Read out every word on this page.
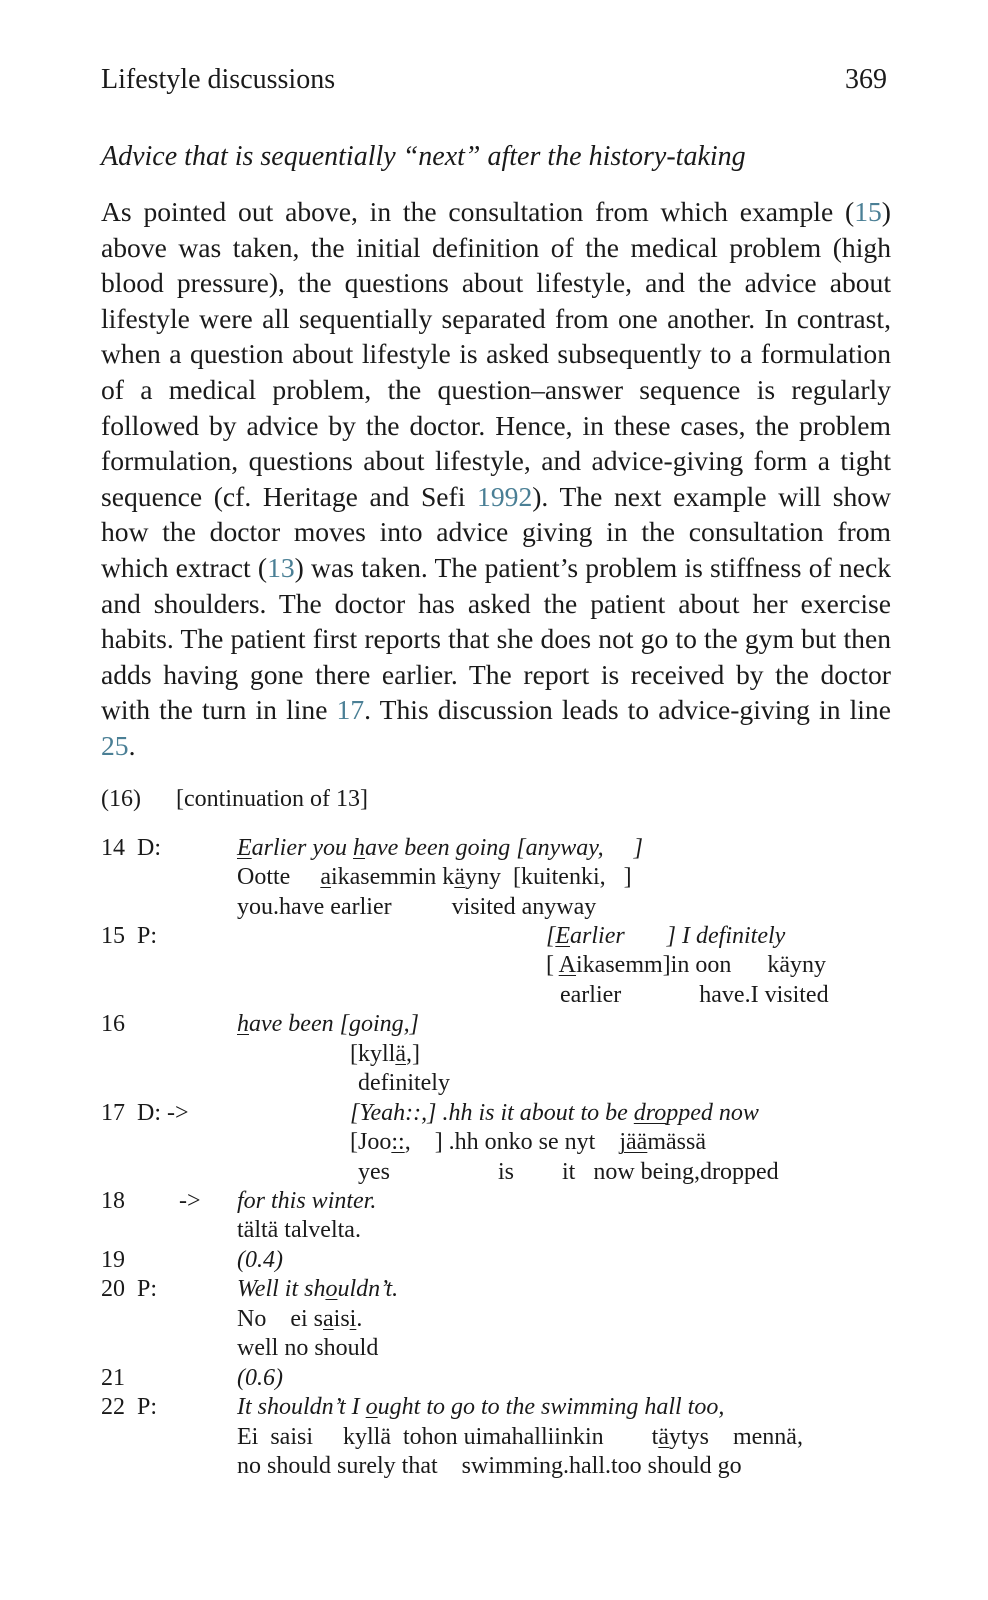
Lifestyle discussions	369
Advice that is sequentially “next” after the history-taking

As pointed out above, in the consultation from which example (15) above was taken, the initial definition of the medical problem (high blood pressure), the questions about lifestyle, and the advice about lifestyle were all sequentially separated from one another. In contrast, when a question about lifestyle is asked subsequently to a formulation of a medical problem, the question–answer sequence is regularly followed by advice by the doctor. Hence, in these cases, the problem formulation, questions about lifestyle, and advice-giving form a tight sequence (cf. Heritage and Sefi 1992). The next example will show how the doctor moves into advice giving in the consultation from which extract (13) was taken. The patient’s problem is stiffness of neck and shoulders. The doctor has asked the patient about her exercise habits. The patient first reports that she does not go to the gym but then adds having gone there earlier. The report is received by the doctor with the turn in line 17. This discussion leads to advice-giving in line 25.

(16) [continuation of 13]
14  D:	Earlier you have been going [anyway,     ]
Ootte     aikasemmin käyny  [kuitenki,   ]
you.have earlier          visited anyway
15  P:	[Earlier       ] I definitely
[ Aikasemm]in oon      käyny
earlier             have.I visited
16	have been [going,]
[kyllä,]
definitely
17  D: ->	[Yeah::,] .hh is it about to be dropped now
[Joo::,    ] .hh onko se nyt    jäämässä
yes                  is        it   now being,dropped
18         -> for this winter.
tältä talvelta.
19	(0.4)
20  P:	Well it shouldn’t.
No    ei saisi.
well no should
21	(0.6)
22  P:	It shouldn’t I ought to go to the swimming hall too,
Ei  saisi     kyllä  tohon uimahalliinkin        täytys    mennä,
no should surely that    swimming.hall.too should go
